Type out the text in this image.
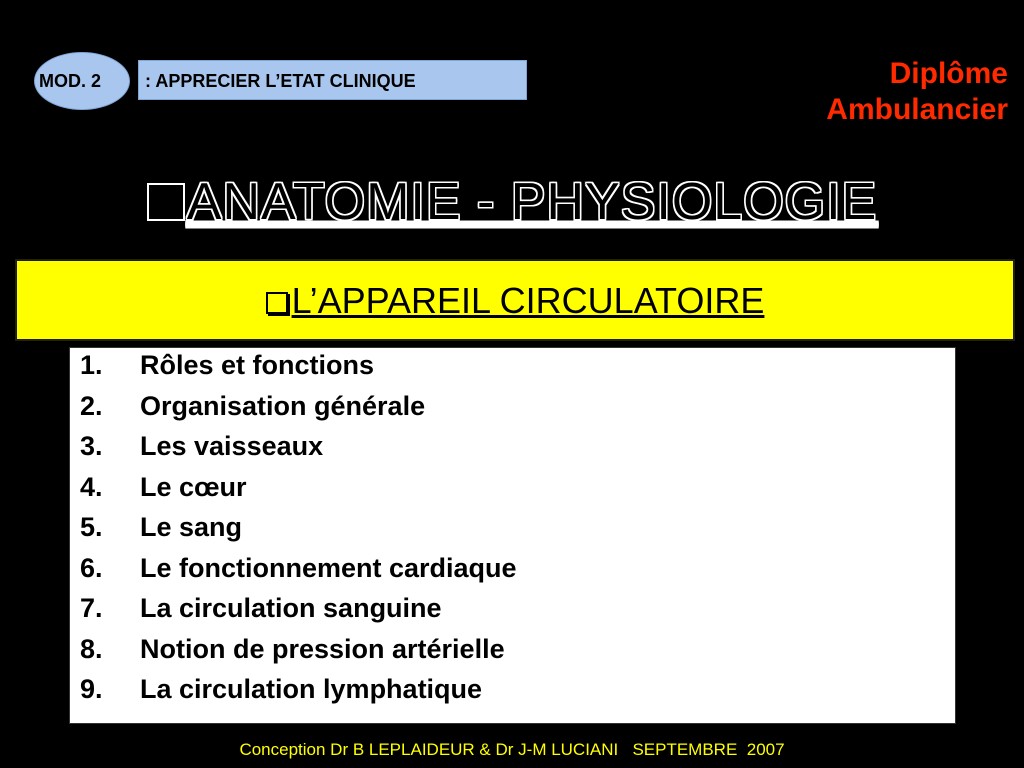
: APPRECIER L’ETAT CLINIQUE
MOD. 2	Diplôme
Ambulancier
ANATOMIE - PHYSIOLOGIE
L’APPAREIL CIRCULATOIRE
1.	Rôles et fonctions
2.	Organisation générale
3.	Les vaisseaux
4.	Le cœur
5.	Le sang
6.	Le fonctionnement cardiaque
7.	La circulation sanguine
8.	Notion de pression artérielle
9.	La circulation lymphatique
Conception Dr B LEPLAIDEUR & Dr J-M LUCIANI   SEPTEMBRE  2007
